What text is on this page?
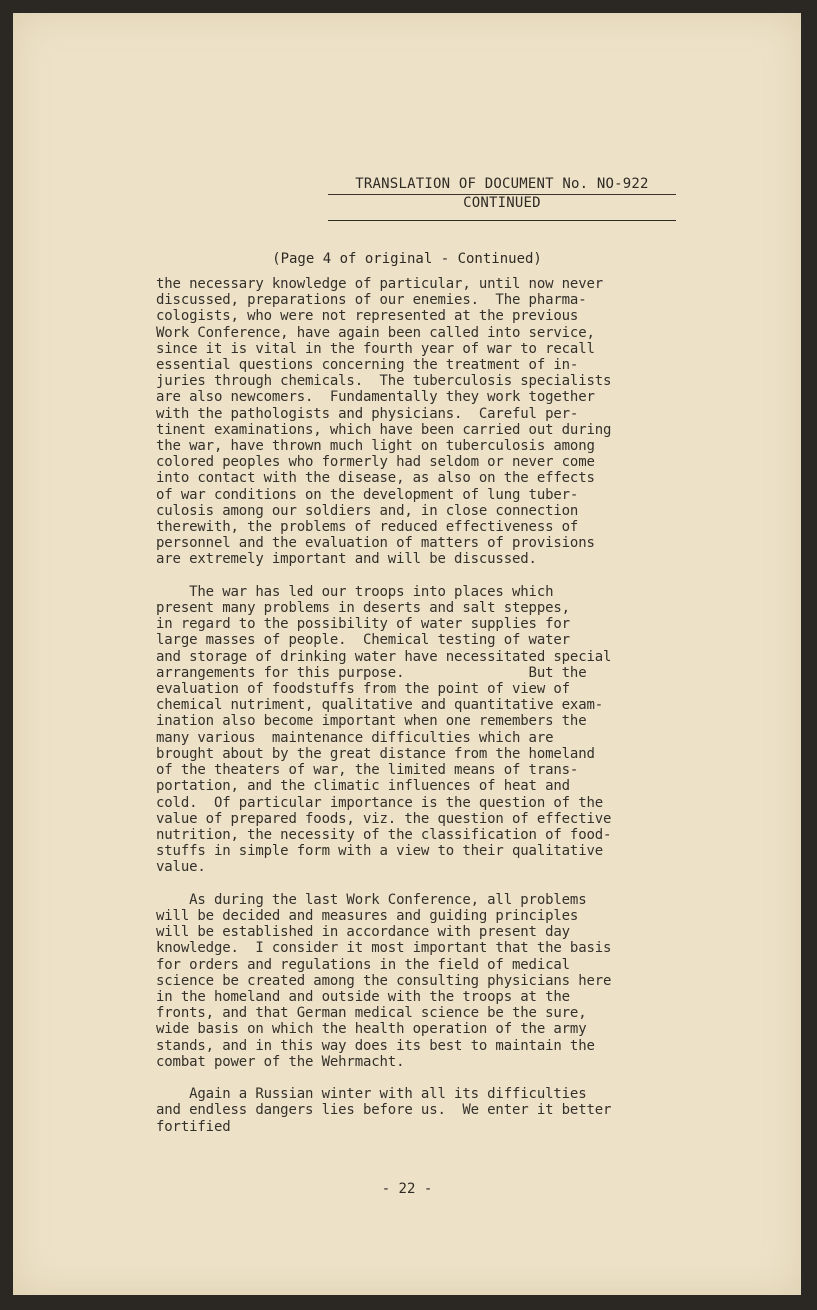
TRANSLATION OF DOCUMENT No. NO-922
CONTINUED
(Page 4 of original - Continued)
the necessary knowledge of particular, until now never
discussed, preparations of our enemies.  The pharma-
cologists, who were not represented at the previous
Work Conference, have again been called into service,
since it is vital in the fourth year of war to recall
essential questions concerning the treatment of in-
juries through chemicals.  The tuberculosis specialists
are also newcomers.  Fundamentally they work together
with the pathologists and physicians.  Careful per-
tinent examinations, which have been carried out during
the war, have thrown much light on tuberculosis among
colored peoples who formerly had seldom or never come
into contact with the disease, as also on the effects
of war conditions on the development of lung tuber-
culosis among our soldiers and, in close connection
therewith, the problems of reduced effectiveness of
personnel and the evaluation of matters of provisions
are extremely important and will be discussed.

The war has led our troops into places which
present many problems in deserts and salt steppes,
in regard to the possibility of water supplies for
large masses of people.  Chemical testing of water
and storage of drinking water have necessitated special
arrangements for this purpose.               But the
evaluation of foodstuffs from the point of view of
chemical nutriment, qualitative and quantitative exam-
ination also become important when one remembers the
many various  maintenance difficulties which are
brought about by the great distance from the homeland
of the theaters of war, the limited means of trans-
portation, and the climatic influences of heat and
cold.  Of particular importance is the question of the
value of prepared foods, viz. the question of effective
nutrition, the necessity of the classification of food-
stuffs in simple form with a view to their qualitative
value.

As during the last Work Conference, all problems
will be decided and measures and guiding principles
will be established in accordance with present day
knowledge.  I consider it most important that the basis
for orders and regulations in the field of medical
science be created among the consulting physicians here
in the homeland and outside with the troops at the
fronts, and that German medical science be the sure,
wide basis on which the health operation of the army
stands, and in this way does its best to maintain the
combat power of the Wehrmacht.

Again a Russian winter with all its difficulties
and endless dangers lies before us.  We enter it better
fortified
- 22 -
